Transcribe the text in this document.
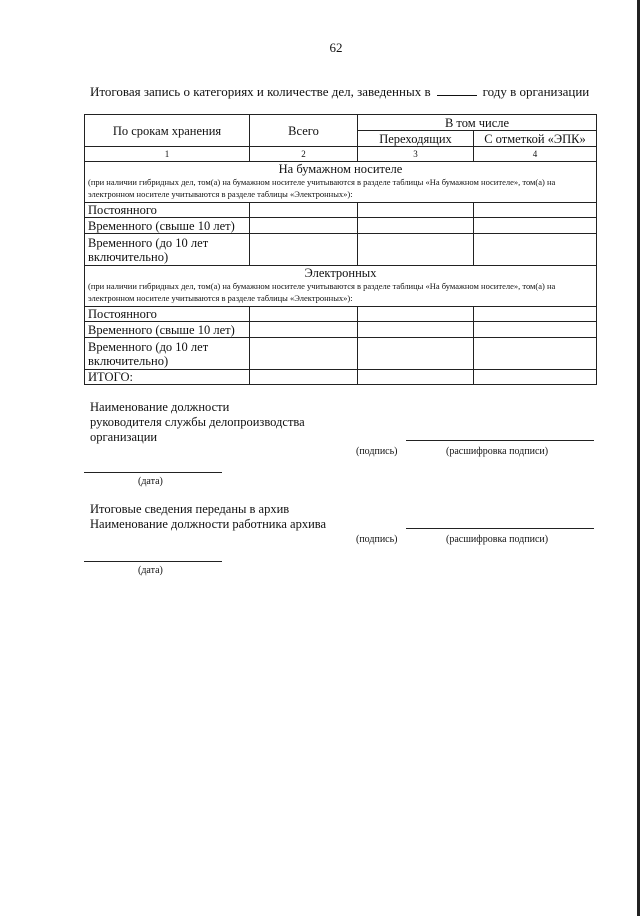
62
Итоговая запись о категориях и количестве дел, заведенных в	году в организации
По срокам хранения	Всего	В том числе	
		Переходящих	С отметкой «ЭПК»
1	2	3	4

На бумажном носителе
(при наличии гибридных дел, том(а) на бумажном носителе учитываются в разделе таблицы «На бумажном носителе», том(а) на электронном носителе учитываются в разделе таблицы «Электронных»):			

Постоянного			
Временного (свыше 10 лет)			
Временного (до 10 лет включительно)			

Электронных
(при наличии гибридных дел, том(а) на бумажном носителе учитываются в разделе таблицы «На бумажном носителе», том(а) на электронном носителе учитываются в разделе таблицы «Электронных»):			

Постоянного			
Временного (свыше 10 лет)			
Временного (до 10 лет включительно)			
ИТОГО:			
Наименование должности
руководителя службы делопроизводства
организации
(подпись)	(расшифровка подписи)
(дата)
Итоговые сведения переданы в архив
Наименование должности работника архива
(подпись)	(расшифровка подписи)
(дата)
